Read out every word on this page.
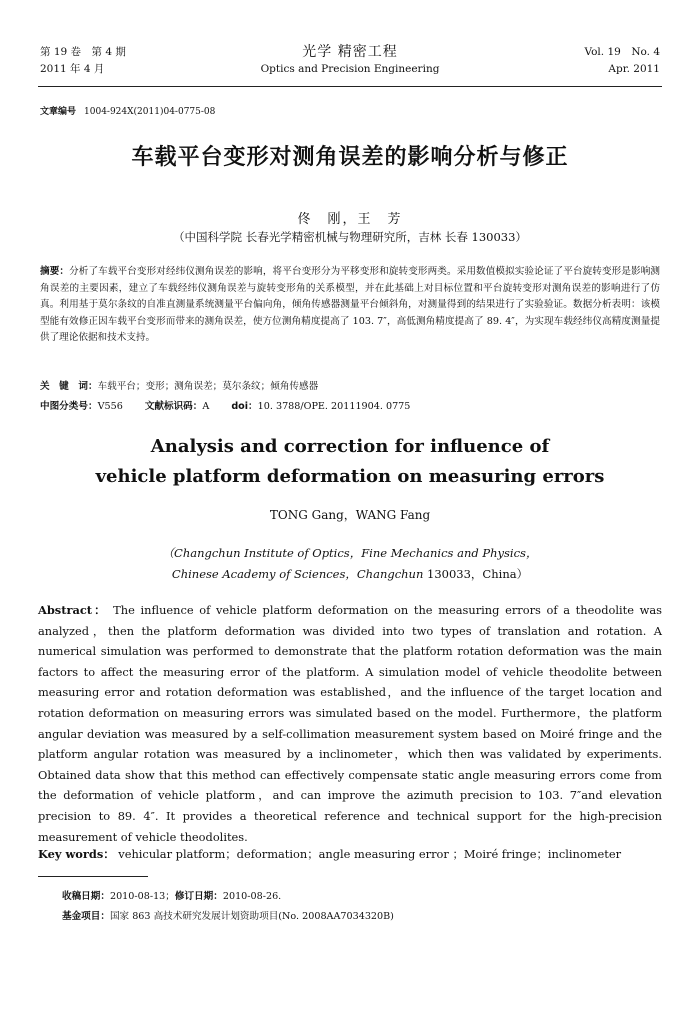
第 19 卷　第 4 期
2011 年 4 月
光学 精密工程
Optics and Precision Engineering
Vol. 19　No. 4
Apr. 2011
文章编号 1004-924X(2011)04-0775-08
车载平台变形对测角误差的影响分析与修正
佟　刚，王　芳
（中国科学院 长春光学精密机械与物理研究所，吉林 长春 130033）
摘要：分析了车载平台变形对经纬仪测角误差的影响，将平台变形分为平移变形和旋转变形两类。采用数值模拟实验论证了平台旋转变形是影响测角误差的主要因素，建立了车载经纬仪测角误差与旋转变形角的关系模型，并在此基础上对目标位置和平台旋转变形对测角误差的影响进行了仿真。利用基于莫尔条纹的自准直测量系统测量平台偏向角，倾角传感器测量平台倾斜角，对测量得到的结果进行了实验验证。数据分析表明：该模型能有效修正因车载平台变形而带来的测角误差，使方位测角精度提高了 103. 7″，高低测角精度提高了 89. 4″，为实现车载经纬仪高精度测量提供了理论依据和技术支持。
关　键　词：车载平台；变形；测角误差；莫尔条纹；倾角传感器
中图分类号：V556 文献标识码：A doi：10. 3788/OPE. 20111904. 0775
Analysis and correction for influence of
vehicle platform deformation on measuring errors
TONG Gang，WANG Fang
（Changchun Institute of Optics，Fine Mechanics and Physics，
Chinese Academy of Sciences，Changchun 130033，China）
Abstract： The influence of vehicle platform deformation on the measuring errors of a theodolite was analyzed，then the platform deformation was divided into two types of translation and rotation. A numerical simulation was performed to demonstrate that the platform rotation deformation was the main factors to affect the measuring error of the platform. A simulation model of vehicle theodolite between measuring error and rotation deformation was established，and the influence of the target location and rotation deformation on measuring errors was simulated based on the model. Furthermore，the platform angular deviation was measured by a self-collimation measurement system based on Moiré fringe and the platform angular rotation was measured by a inclinometer，which then was validated by experiments. Obtained data show that this method can effectively compensate static angle measuring errors come from the deformation of vehicle platform，and can improve the azimuth precision to 103. 7″and elevation precision to 89. 4″. It provides a theoretical reference and technical support for the high-precision measurement of vehicle theodolites.
Key words： vehicular platform；deformation；angle measuring error ；Moiré fringe；inclinometer
收稿日期：2010-08-13；修订日期：2010-08-26.
基金项目：国家 863 高技术研究发展计划资助项目(No. 2008AA7034320B)
